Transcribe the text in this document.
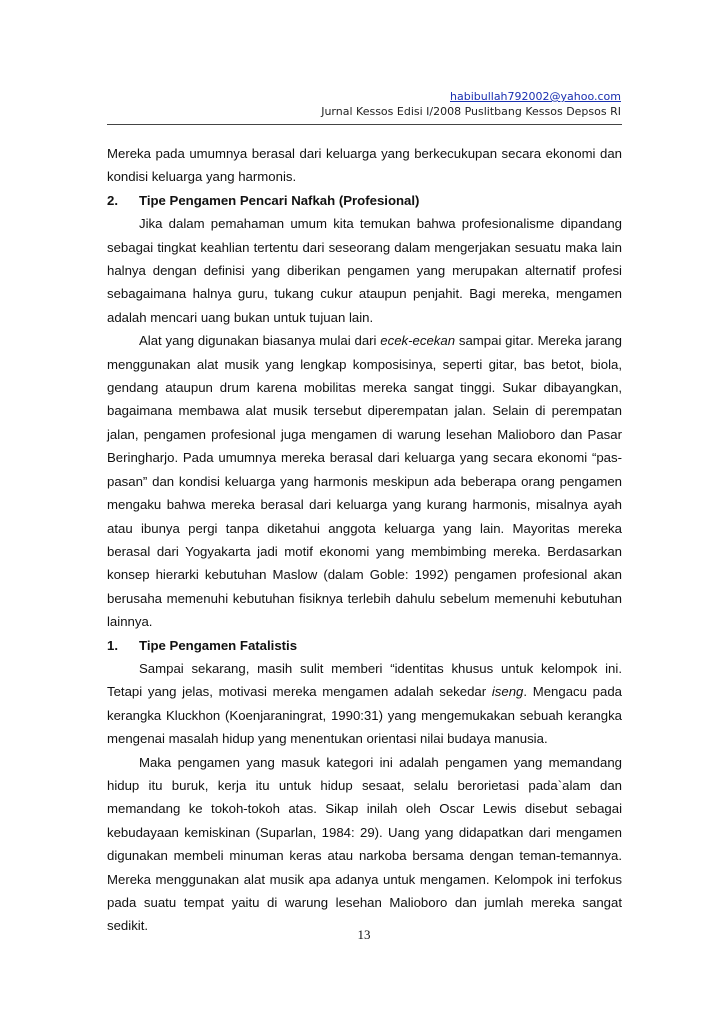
habibullah792002@yahoo.com
Jurnal Kessos Edisi I/2008 Puslitbang Kessos Depsos RI

Mereka pada umumnya berasal dari keluarga yang berkecukupan secara ekonomi dan kondisi keluarga yang harmonis.

2.	Tipe Pengamen Pencari Nafkah (Profesional)

Jika dalam pemahaman umum kita temukan bahwa profesionalisme dipandang sebagai tingkat keahlian tertentu dari seseorang dalam mengerjakan sesuatu maka lain halnya dengan definisi yang diberikan pengamen yang merupakan alternatif profesi sebagaimana halnya guru, tukang cukur ataupun penjahit. Bagi mereka, mengamen adalah mencari uang bukan untuk tujuan lain.

Alat yang digunakan biasanya mulai dari ecek-ecekan sampai gitar. Mereka jarang menggunakan alat musik yang lengkap komposisinya, seperti gitar, bas betot, biola, gendang ataupun drum karena mobilitas mereka sangat tinggi. Sukar dibayangkan, bagaimana membawa alat musik tersebut diperempatan jalan. Selain di perempatan jalan, pengamen profesional juga mengamen di warung lesehan Malioboro dan Pasar Beringharjo. Pada umumnya mereka berasal dari keluarga yang secara ekonomi “pas-pasan” dan kondisi keluarga yang harmonis meskipun ada beberapa orang pengamen mengaku bahwa mereka berasal dari keluarga yang kurang harmonis, misalnya ayah atau ibunya pergi tanpa diketahui anggota keluarga yang lain. Mayoritas mereka berasal dari Yogyakarta jadi motif ekonomi yang membimbing mereka. Berdasarkan konsep hierarki kebutuhan Maslow (dalam Goble: 1992) pengamen profesional akan berusaha memenuhi kebutuhan fisiknya terlebih dahulu sebelum memenuhi kebutuhan lainnya.

1.	Tipe Pengamen Fatalistis

Sampai sekarang, masih sulit memberi “identitas khusus untuk kelompok ini. Tetapi yang jelas, motivasi mereka mengamen adalah sekedar iseng. Mengacu pada kerangka Kluckhon (Koenjaraningrat, 1990:31) yang mengemukakan sebuah kerangka mengenai masalah hidup yang menentukan orientasi nilai budaya manusia.

Maka pengamen yang masuk kategori ini adalah pengamen yang memandang hidup itu buruk, kerja itu untuk hidup sesaat, selalu berorietasi pada`alam dan memandang ke tokoh-tokoh atas. Sikap inilah oleh Oscar Lewis disebut sebagai kebudayaan kemiskinan (Suparlan, 1984: 29). Uang yang didapatkan dari mengamen digunakan membeli minuman keras atau narkoba bersama dengan teman-temannya. Mereka menggunakan alat musik apa adanya untuk mengamen. Kelompok ini terfokus pada suatu tempat yaitu di warung lesehan Malioboro dan jumlah mereka sangat sedikit.

13
